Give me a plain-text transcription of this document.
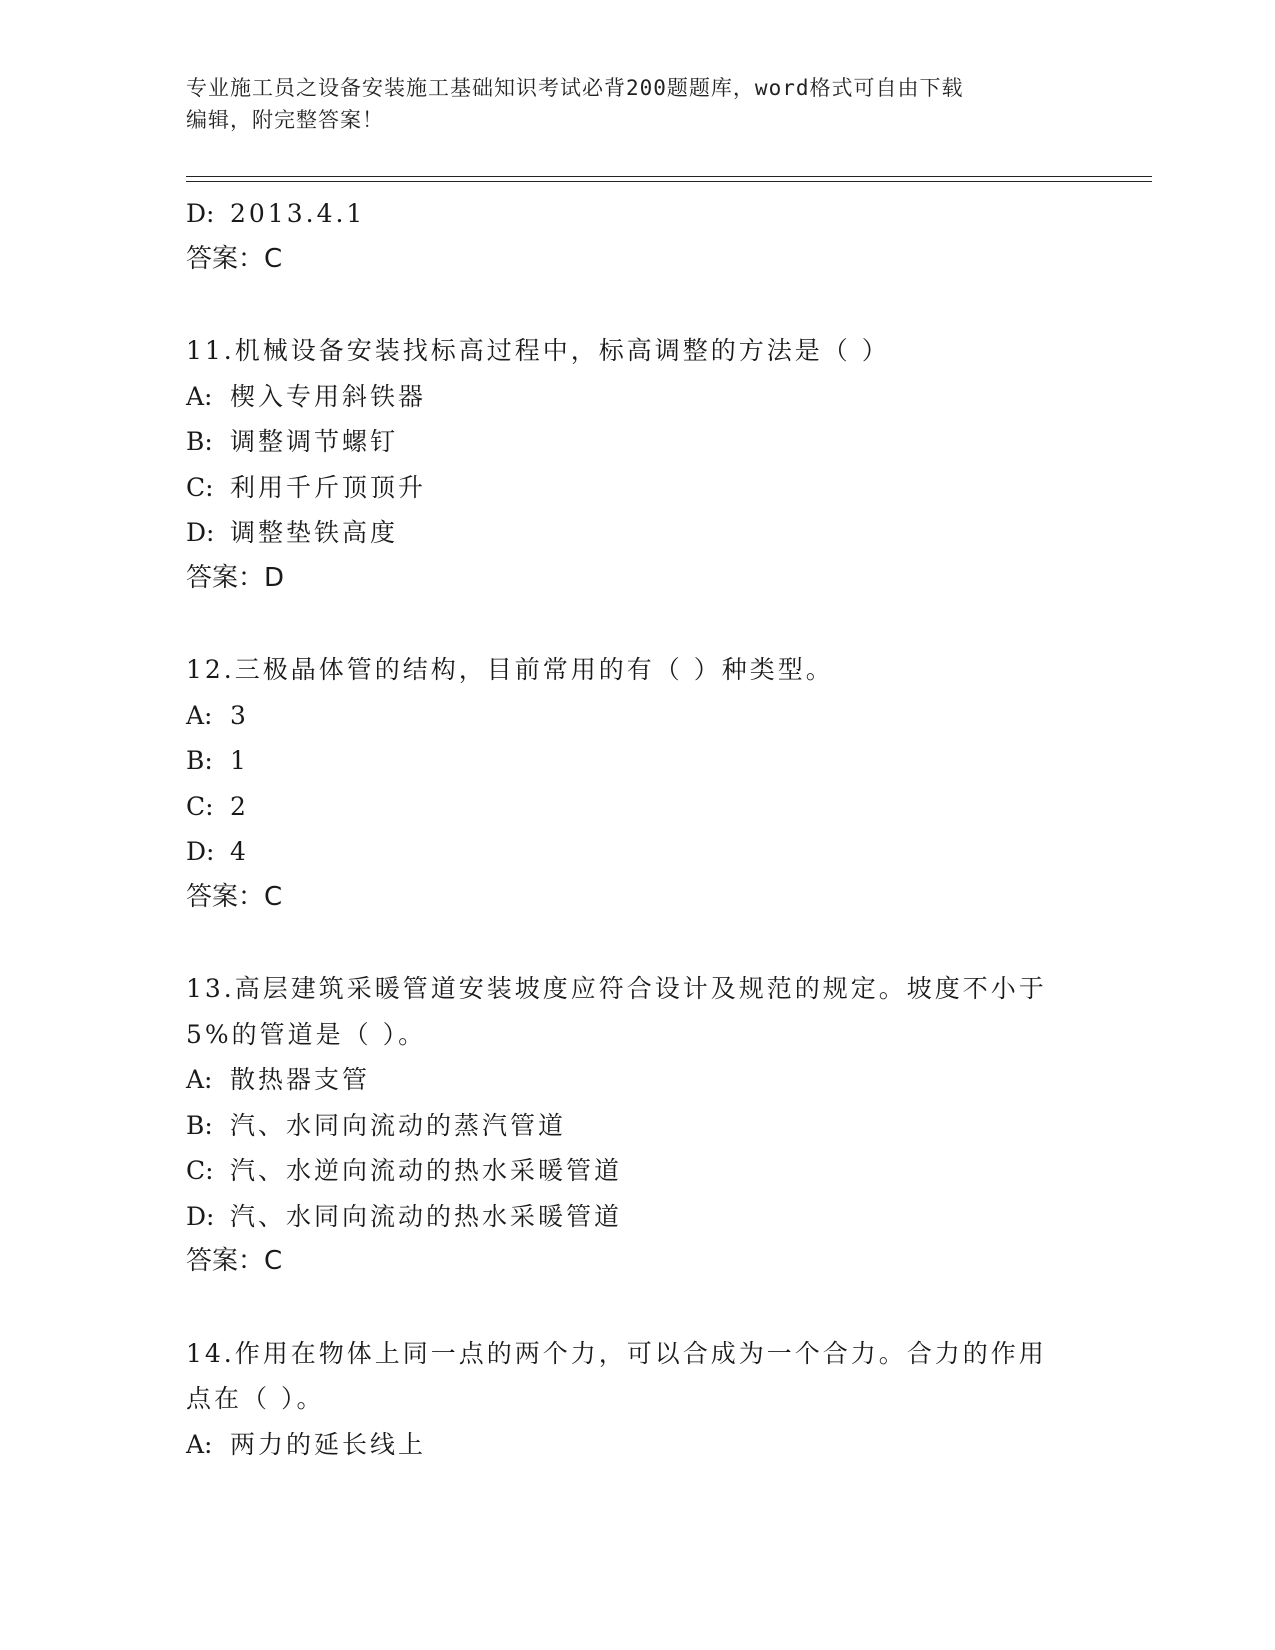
专业施工员之设备安装施工基础知识考试必背200题题库，word格式可自由下载
编辑，附完整答案！
D: 2013.4.1
答案：C
11.机械设备安装找标高过程中，标高调整的方法是（ ）
A: 楔入专用斜铁器
B: 调整调节螺钉
C: 利用千斤顶顶升
D: 调整垫铁高度
答案：D
12.三极晶体管的结构，目前常用的有（ ）种类型。
A: 3
B: 1
C: 2
D: 4
答案：C
13.高层建筑采暖管道安装坡度应符合设计及规范的规定。坡度不小于
5%的管道是（ ）。
A: 散热器支管
B: 汽、水同向流动的蒸汽管道
C: 汽、水逆向流动的热水采暖管道
D: 汽、水同向流动的热水采暖管道
答案：C
14.作用在物体上同一点的两个力，可以合成为一个合力。合力的作用
点在（ ）。
A: 两力的延长线上
